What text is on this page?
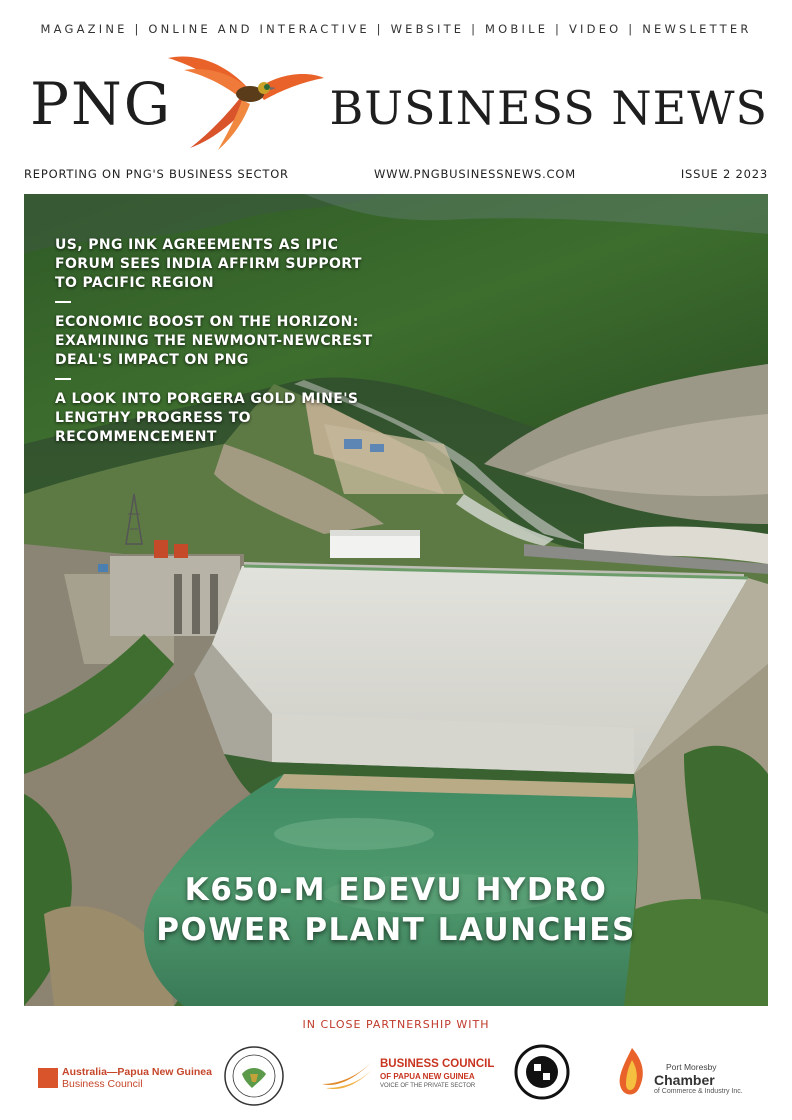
MAGAZINE | ONLINE AND INTERACTIVE | WEBSITE | MOBILE | VIDEO | NEWSLETTER
PNG	BUSINESS NEWS
REPORTING ON PNG'S BUSINESS SECTOR	WWW.PNGBUSINESSNEWS.COM	ISSUE 2 2023
US, PNG INK AGREEMENTS AS IPIC FORUM SEES INDIA AFFIRM SUPPORT TO PACIFIC REGION
ECONOMIC BOOST ON THE HORIZON: EXAMINING THE NEWMONT-NEWCREST DEAL'S IMPACT ON PNG
A LOOK INTO PORGERA GOLD MINE'S LENGTHY PROGRESS TO RECOMMENCEMENT
K650-M EDEVU HYDRO
POWER PLANT LAUNCHES
IN CLOSE PARTNERSHIP WITH
Australia—Papua New Guinea
Business Council
BUSINESS COUNCIL
OF PAPUA NEW GUINEA
VOICE OF THE PRIVATE SECTOR
Port Moresby
Chamber
of Commerce & Industry Inc.
